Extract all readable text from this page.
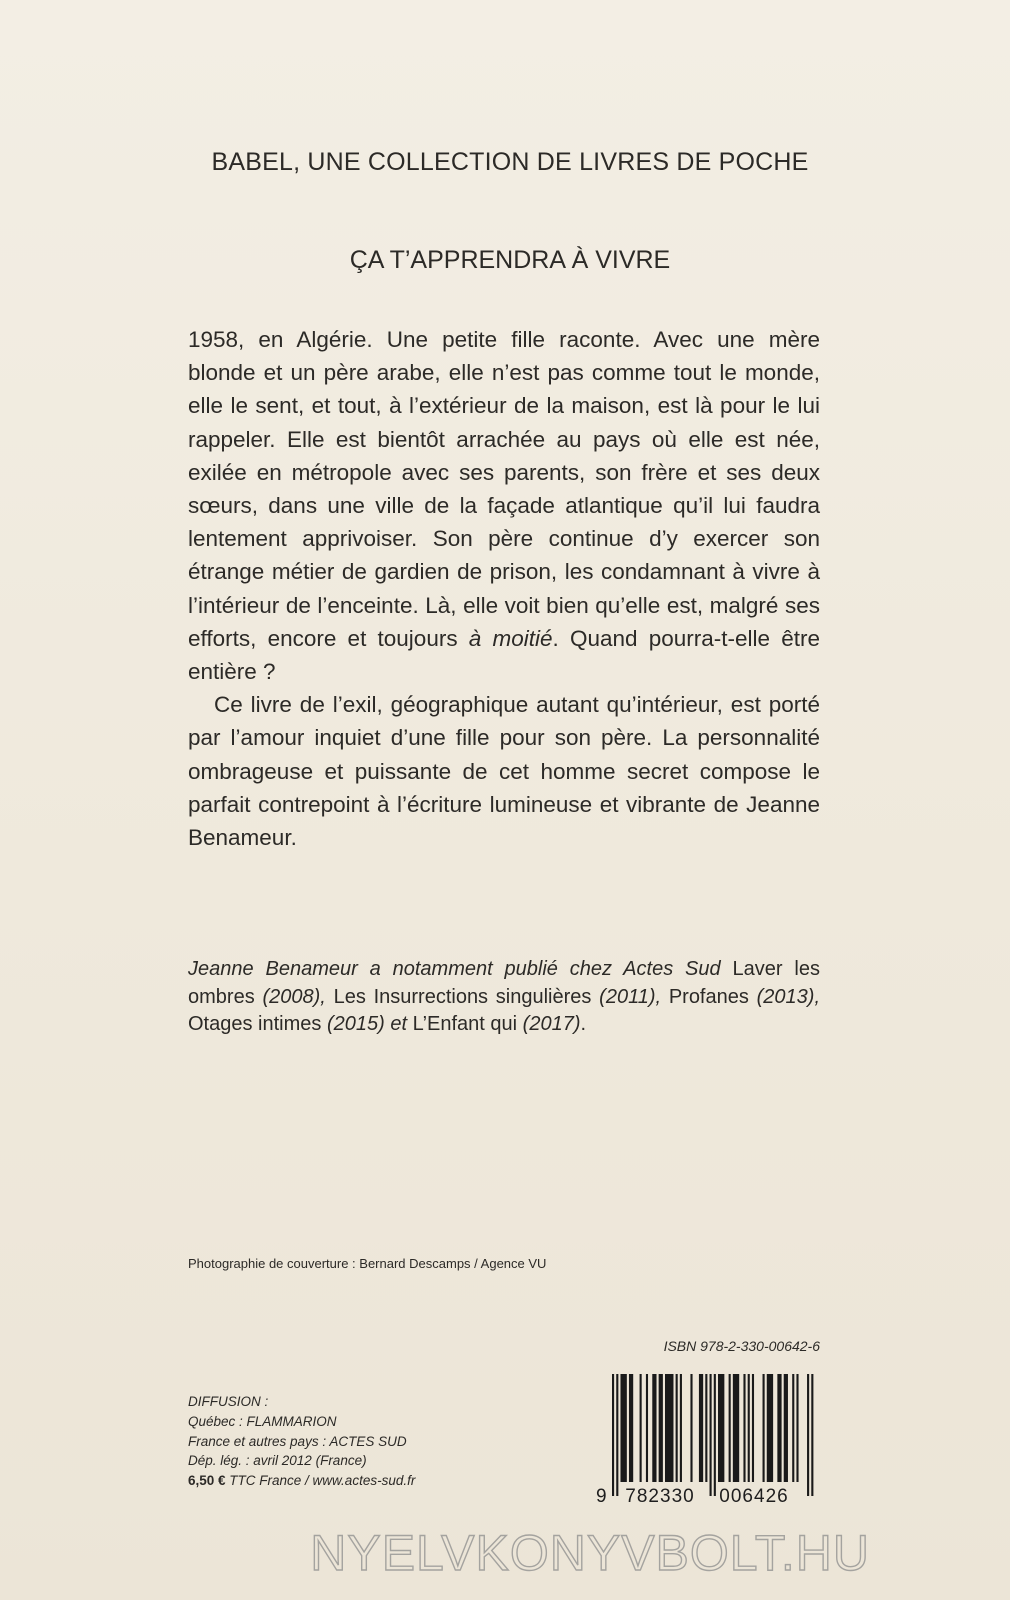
BABEL, UNE COLLECTION DE LIVRES DE POCHE
ÇA T’APPRENDRA À VIVRE

1958, en Algérie. Une petite fille raconte. Avec une mère blonde et un père arabe, elle n’est pas comme tout le monde, elle le sent, et tout, à l’extérieur de la maison, est là pour le lui rappeler. Elle est bientôt arrachée au pays où elle est née, exilée en métropole avec ses parents, son frère et ses deux sœurs, dans une ville de la façade atlantique qu’il lui faudra lentement apprivoiser. Son père continue d’y exercer son étrange métier de gardien de prison, les condamnant à vivre à l’intérieur de l’enceinte. Là, elle voit bien qu’elle est, malgré ses efforts, encore et toujours à moitié. Quand pourra-t-elle être entière ?

Ce livre de l’exil, géographique autant qu’intérieur, est porté par l’amour inquiet d’une fille pour son père. La personnalité ombrageuse et puissante de cet homme secret compose le parfait contrepoint à l’écriture lumineuse et vibrante de Jeanne Benameur.

Jeanne Benameur a notamment publié chez Actes Sud Laver les ombres (2008), Les Insurrections singulières (2011), Profanes (2013), Otages intimes (2015) et L’Enfant qui (2017).

Photographie de couverture : Bernard Descamps / Agence VU
ISBN 978-2-330-00642-6
9 782330 006426
DIFFUSION :
Québec : FLAMMARION
France et autres pays : ACTES SUD
Dép. lég. : avril 2012 (France)
6,50 € TTC France / www.actes-sud.fr
NYELVKONYVBOLT.HU
